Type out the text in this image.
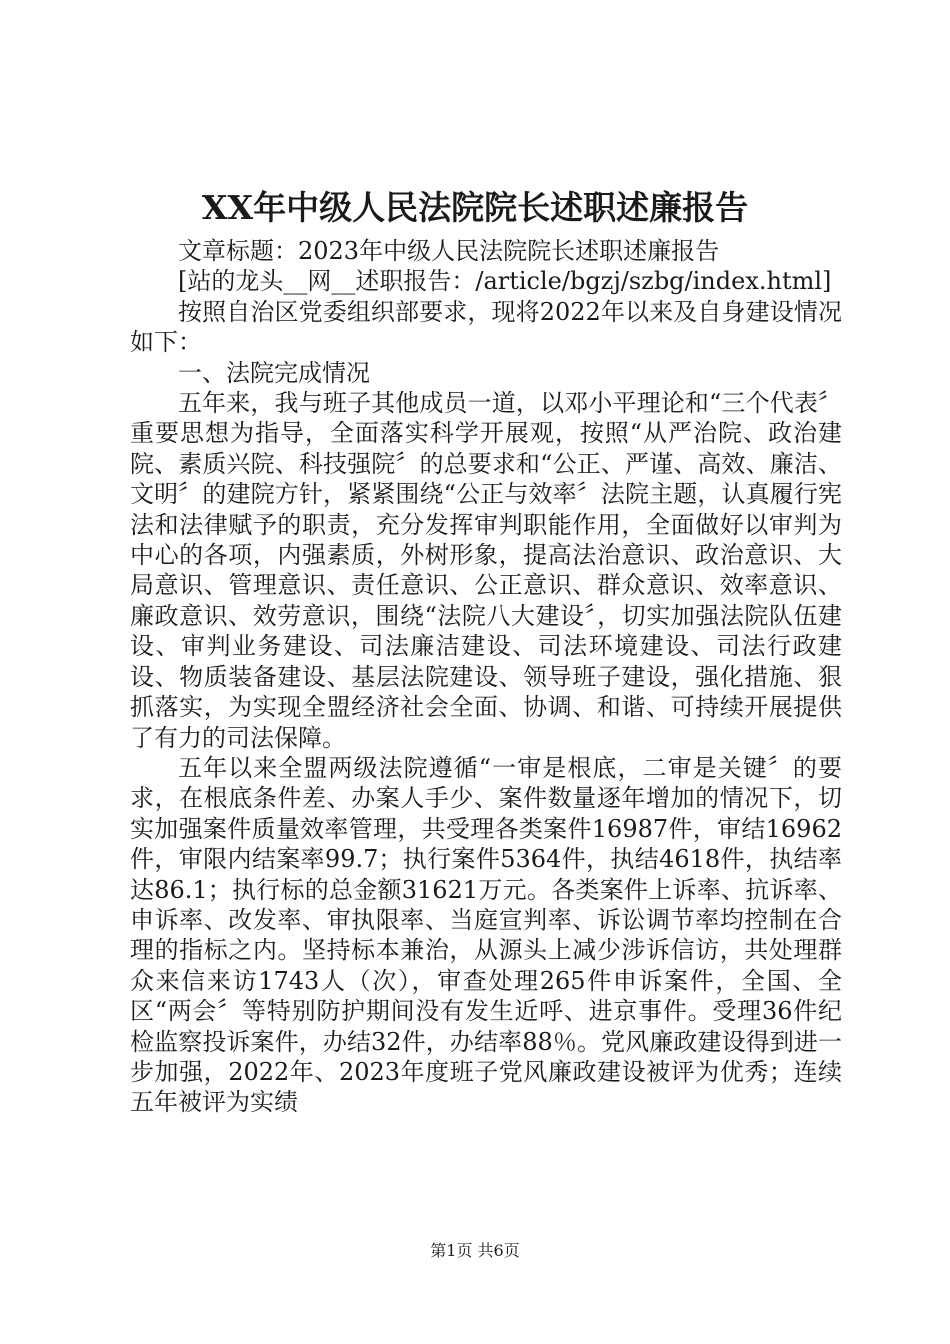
XX年中级人民法院院长述职述廉报告

文章标题：2023年中级人民法院院长述职述廉报告

[站的龙头__网__述职报告：/article/bgzj/szbg/index.html]

按照自治区党委组织部要求，现将2022年以来及自身建设情况如下：

一、法院完成情况

五年来，我与班子其他成员一道，以邓小平理论和“三个代表〞重要思想为指导，全面落实科学开展观，按照“从严治院、政治建院、素质兴院、科技强院〞的总要求和“公正、严谨、高效、廉洁、文明〞的建院方针，紧紧围绕“公正与效率〞法院主题，认真履行宪法和法律赋予的职责，充分发挥审判职能作用，全面做好以审判为中心的各项，内强素质，外树形象，提高法治意识、政治意识、大局意识、管理意识、责任意识、公正意识、群众意识、效率意识、廉政意识、效劳意识，围绕“法院八大建设〞，切实加强法院队伍建设、审判业务建设、司法廉洁建设、司法环境建设、司法行政建设、物质装备建设、基层法院建设、领导班子建设，强化措施、狠抓落实，为实现全盟经济社会全面、协调、和谐、可持续开展提供了有力的司法保障。

五年以来全盟两级法院遵循“一审是根底，二审是关键〞的要求，在根底条件差、办案人手少、案件数量逐年增加的情况下，切实加强案件质量效率管理，共受理各类案件16987件，审结16962件，审限内结案率99.7；执行案件5364件，执结4618件，执结率达86.1；执行标的总金额31621万元。各类案件上诉率、抗诉率、申诉率、改发率、审执限率、当庭宣判率、诉讼调节率均控制在合理的指标之内。坚持标本兼治，从源头上减少涉诉信访，共处理群众来信来访1743人（次），审查处理265件申诉案件，全国、全区“两会〞等特别防护期间没有发生近呼、进京事件。受理36件纪检监察投诉案件，办结32件，办结率88％。党风廉政建设得到进一步加强，2022年、2023年度班子党风廉政建设被评为优秀；连续五年被评为实绩

第1页 共6页
